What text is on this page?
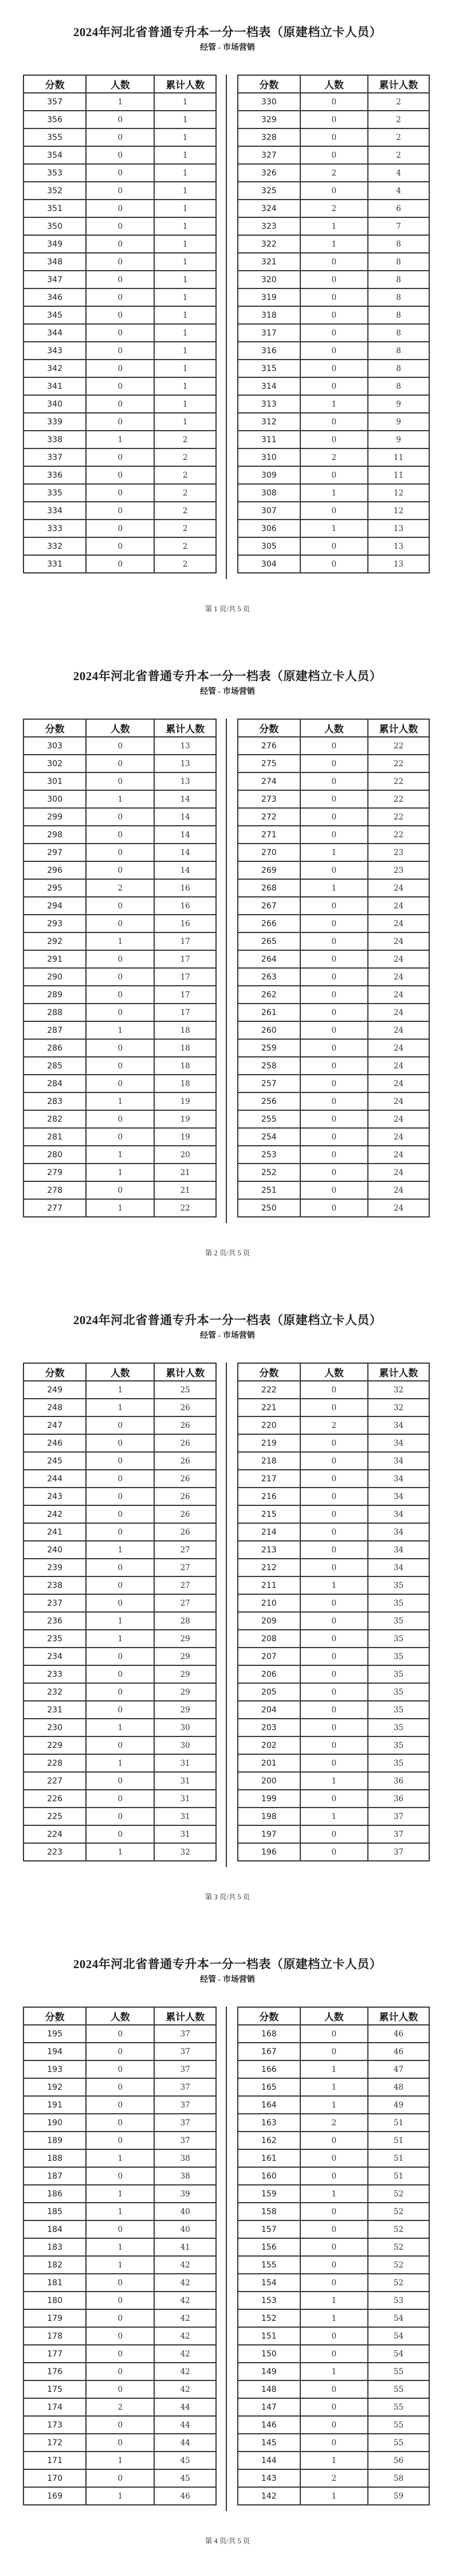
2024年河北省普通专升本一分一档表（原建档立卡人员）
经管 - 市场营销
分数	人数	累计人数
357	1	1
356	0	1
355	0	1
354	0	1
353	0	1
352	0	1
351	0	1
350	0	1
349	0	1
348	0	1
347	0	1
346	0	1
345	0	1
344	0	1
343	0	1
342	0	1
341	0	1
340	0	1
339	0	1
338	1	2
337	0	2
336	0	2
335	0	2
334	0	2
333	0	2
332	0	2
331	0	2
分数	人数	累计人数
330	0	2
329	0	2
328	0	2
327	0	2
326	2	4
325	0	4
324	2	6
323	1	7
322	1	8
321	0	8
320	0	8
319	0	8
318	0	8
317	0	8
316	0	8
315	0	8
314	0	8
313	1	9
312	0	9
311	0	9
310	2	11
309	0	11
308	1	12
307	0	12
306	1	13
305	0	13
304	0	13
第 1 页/共 5 页
2024年河北省普通专升本一分一档表（原建档立卡人员）
经管 - 市场营销
分数	人数	累计人数
303	0	13
302	0	13
301	0	13
300	1	14
299	0	14
298	0	14
297	0	14
296	0	14
295	2	16
294	0	16
293	0	16
292	1	17
291	0	17
290	0	17
289	0	17
288	0	17
287	1	18
286	0	18
285	0	18
284	0	18
283	1	19
282	0	19
281	0	19
280	1	20
279	1	21
278	0	21
277	1	22
分数	人数	累计人数
276	0	22
275	0	22
274	0	22
273	0	22
272	0	22
271	0	22
270	1	23
269	0	23
268	1	24
267	0	24
266	0	24
265	0	24
264	0	24
263	0	24
262	0	24
261	0	24
260	0	24
259	0	24
258	0	24
257	0	24
256	0	24
255	0	24
254	0	24
253	0	24
252	0	24
251	0	24
250	0	24
第 2 页/共 5 页
2024年河北省普通专升本一分一档表（原建档立卡人员）
经管 - 市场营销
分数	人数	累计人数
249	1	25
248	1	26
247	0	26
246	0	26
245	0	26
244	0	26
243	0	26
242	0	26
241	0	26
240	1	27
239	0	27
238	0	27
237	0	27
236	1	28
235	1	29
234	0	29
233	0	29
232	0	29
231	0	29
230	1	30
229	0	30
228	1	31
227	0	31
226	0	31
225	0	31
224	0	31
223	1	32
分数	人数	累计人数
222	0	32
221	0	32
220	2	34
219	0	34
218	0	34
217	0	34
216	0	34
215	0	34
214	0	34
213	0	34
212	0	34
211	1	35
210	0	35
209	0	35
208	0	35
207	0	35
206	0	35
205	0	35
204	0	35
203	0	35
202	0	35
201	0	35
200	1	36
199	0	36
198	1	37
197	0	37
196	0	37
第 3 页/共 5 页
2024年河北省普通专升本一分一档表（原建档立卡人员）
经管 - 市场营销
分数	人数	累计人数
195	0	37
194	0	37
193	0	37
192	0	37
191	0	37
190	0	37
189	0	37
188	1	38
187	0	38
186	1	39
185	1	40
184	0	40
183	1	41
182	1	42
181	0	42
180	0	42
179	0	42
178	0	42
177	0	42
176	0	42
175	0	42
174	2	44
173	0	44
172	0	44
171	1	45
170	0	45
169	1	46
分数	人数	累计人数
168	0	46
167	0	46
166	1	47
165	1	48
164	1	49
163	2	51
162	0	51
161	0	51
160	0	51
159	1	52
158	0	52
157	0	52
156	0	52
155	0	52
154	0	52
153	1	53
152	1	54
151	0	54
150	0	54
149	1	55
148	0	55
147	0	55
146	0	55
145	0	55
144	1	56
143	2	58
142	1	59
第 4 页/共 5 页
